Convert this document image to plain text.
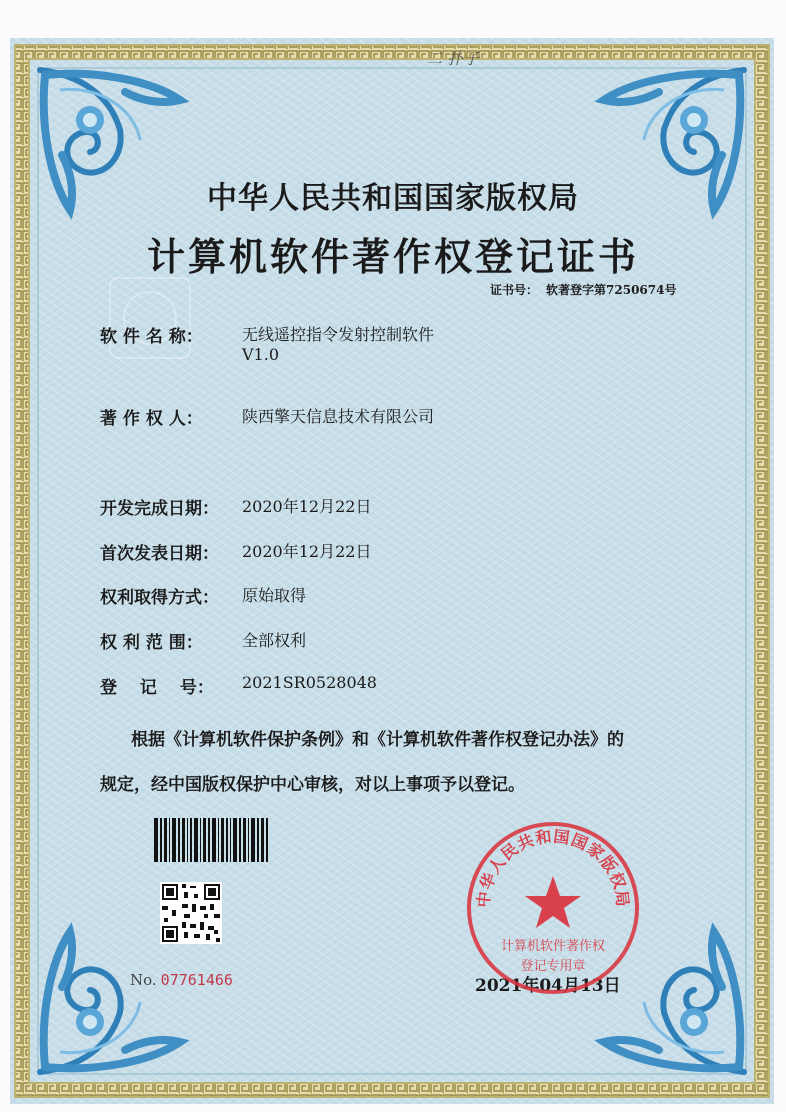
二 扑子
中华人民共和国国家版权局
计算机软件著作权登记证书
证书号： 软著登字第7250674号
软 件 名 称：	无线遥控指令发射控制软件
V1.0
著 作 权 人：	陕西擎天信息技术有限公司
开发完成日期：	2020年12月22日
首次发表日期：	2020年12月22日
权利取得方式：	原始取得
权 利 范 围：	全部权利
登　 记　 号：	2021SR0528048
根据《计算机软件保护条例》和《计算机软件著作权登记办法》的
规定，经中国版权保护中心审核，对以上事项予以登记。
No. 07761466	2021年04月13日
中华人民共和国国家版权局
计算机软件著作权
登记专用章
